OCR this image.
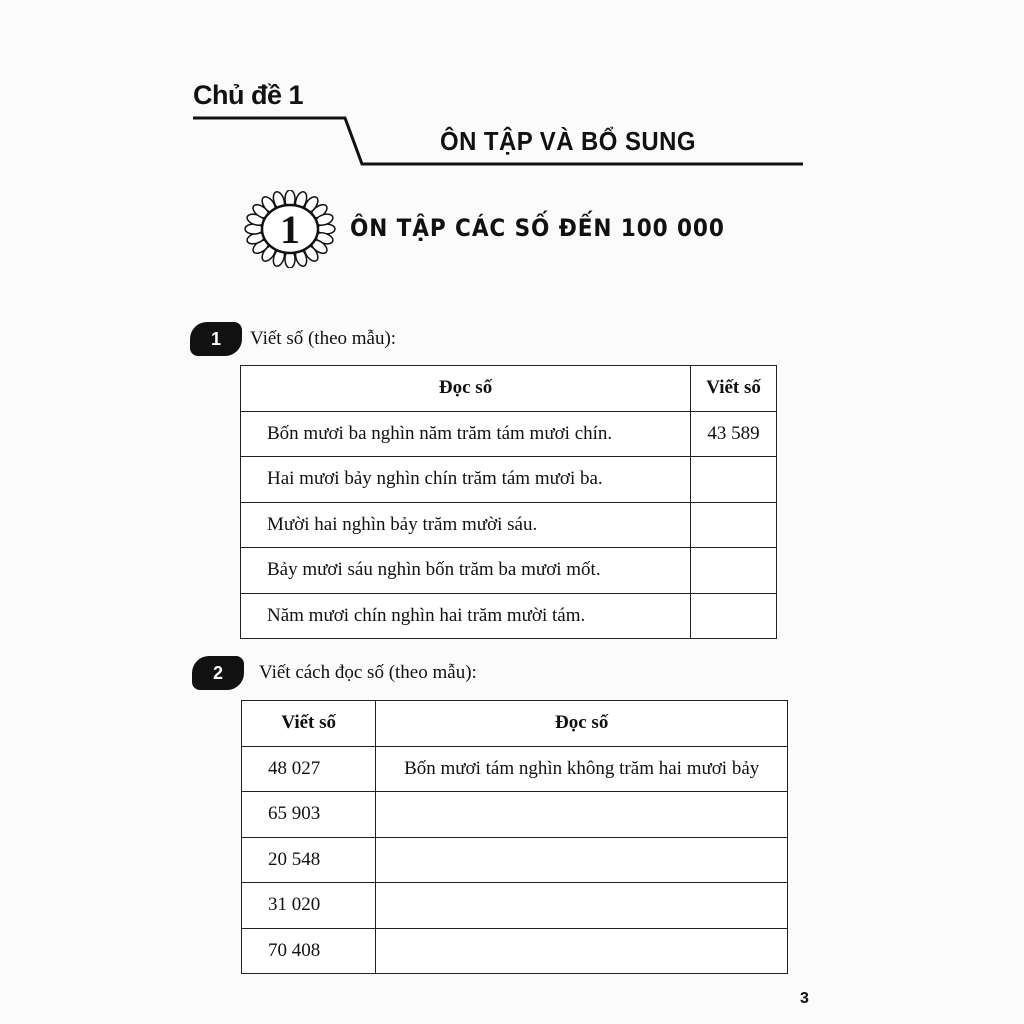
Chủ đề 1
ÔN TẬP VÀ BỔ SUNG
1	ÔN TẬP CÁC SỐ ĐẾN 100 000
1	Viết số (theo mẫu):
Đọc số	Viết số
Bốn mươi ba nghìn năm trăm tám mươi chín.	43 589
Hai mươi bảy nghìn chín trăm tám mươi ba.	
Mười hai nghìn bảy trăm mười sáu.	
Bảy mươi sáu nghìn bốn trăm ba mươi mốt.	
Năm mươi chín nghìn hai trăm mười tám.	
2	Viết cách đọc số (theo mẫu):
Viết số	Đọc số
48 027	Bốn mươi tám nghìn không trăm hai mươi bảy
65 903	
20 548	
31 020	
70 408	
3
